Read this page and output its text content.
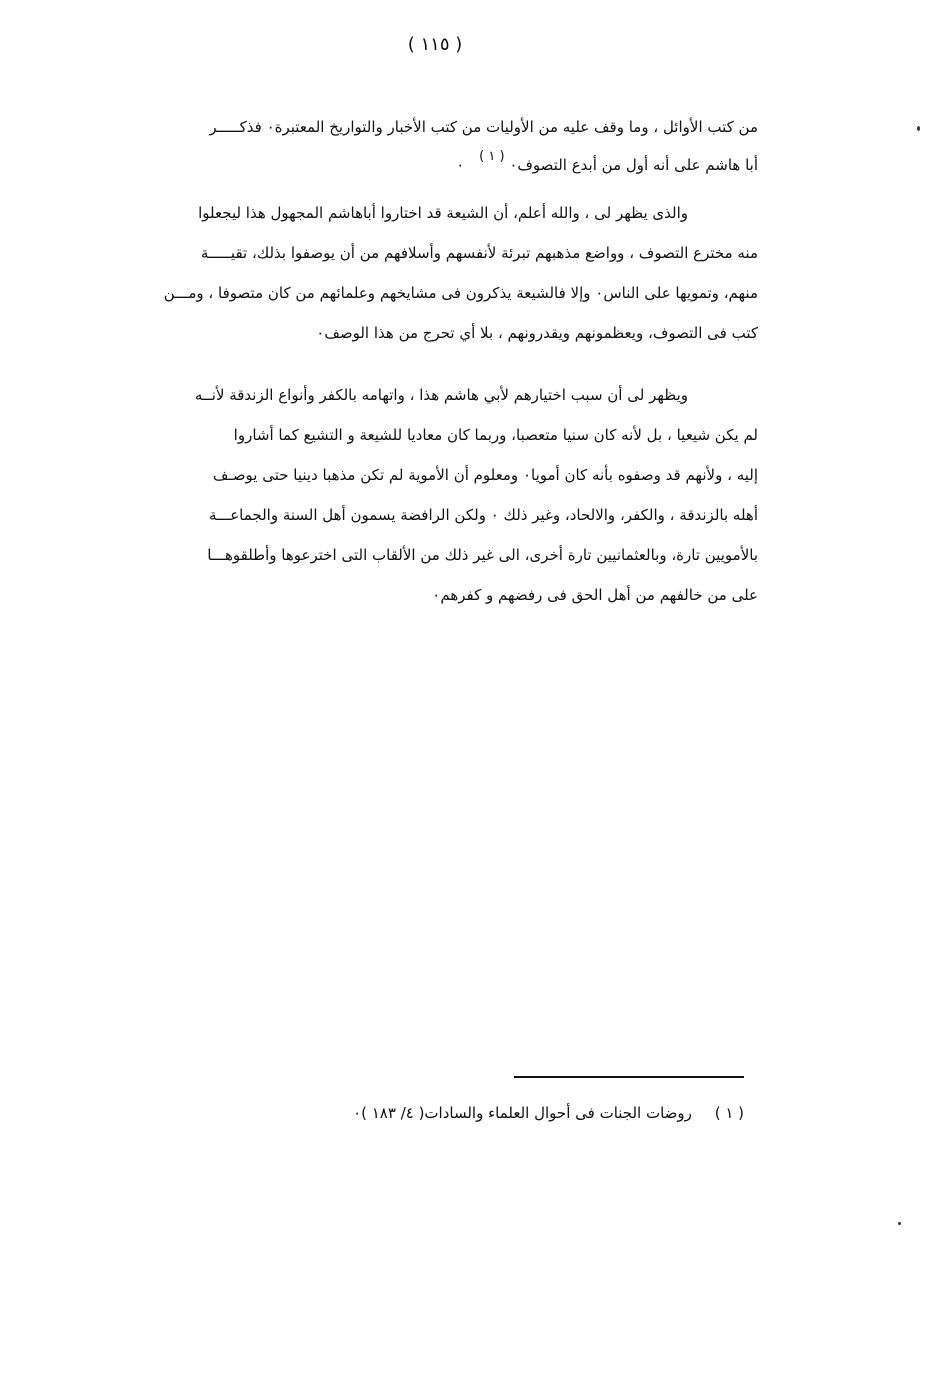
( ١١٥ )
من كتب الأوائل ، وما وقف عليه من الأوليات من كتب الأخبار والتواريخ المعتبرة٠ فذكـــــر
أبا هاشم على أنه أول من أبدع التصوف٠ ( ١ ) ٠
والذى يظهر لى ، والله أعلم، أن الشيعة قد اختاروا أباهاشم المجهول هذا ليجعلوا
منه مخترع التصوف ، وواضع مذهبهم تبرئة لأنفسهم وأسلافهم من أن يوصفوا بذلك، تقيـــــة
منهم، وتمويها على الناس٠ وإلا فالشيعة يذكرون فى مشايخهم وعلمائهم من كان متصوفا ، ومـــن
كتب فى التصوف، ويعظمونهم ويقدرونهم ، بلا أي تحرج من هذا الوصف٠
ويظهر لى أن سبب اختيارهم لأبي هاشم هذا ، واتهامه بالكفر وأنواع الزندقة لأنــه
لم يكن شيعيا ، بل لأنه كان سنيا متعصبا، وربما كان معاديا للشيعة و التشيع كما أشاروا
إليه ، ولأنهم قد وصفوه بأنه كان أمويا٠ ومعلوم أن الأموية لم تكن مذهبا دينيا حتى يوصـف
أهله بالزندقة ، والكفر، والالحاد، وغير ذلك ٠ ولكن الرافضة يسمون أهل السنة والجماعـــة
بالأمويين تارة، وبالعثمانيين تارة أخرى، الى غير ذلك من الألقاب التى اخترعوها وأطلقوهـــا
على من خالفهم من أهل الحق فى رفضهم و كفرهم٠
( ١ ) روضات الجنات فى أحوال العلماء والسادات( ٤/ ١٨٣ )٠
